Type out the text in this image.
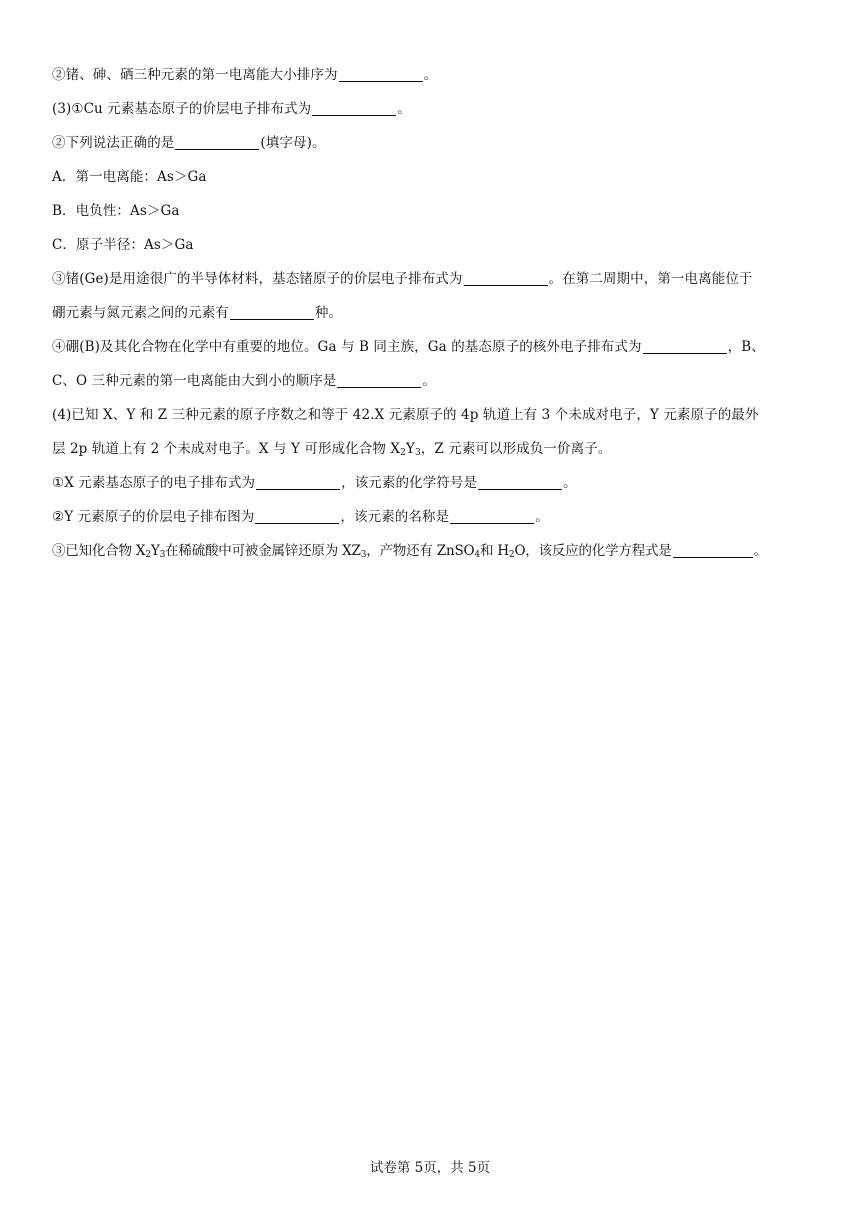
②锗、砷、硒三种元素的第一电离能大小排序为	。
(3)①Cu 元素基态原子的价层电子排布式为	。
②下列说法正确的是	(填字母)。
A．第一电离能：As＞Ga
B．电负性：As＞Ga
C．原子半径：As＞Ga
③锗(Ge)是用途很广的半导体材料，基态锗原子的价层电子排布式为	。在第二周期中，第一电离能位于
硼元素与氮元素之间的元素有	种。
④硼(B)及其化合物在化学中有重要的地位。Ga 与 B 同主族，Ga 的基态原子的核外电子排布式为	，B、
C、O 三种元素的第一电离能由大到小的顺序是	。
(4)已知 X、Y 和 Z 三种元素的原子序数之和等于 42.X 元素原子的 4p 轨道上有 3 个未成对电子，Y 元素原子的最外
层 2p 轨道上有 2 个未成对电子。X 与 Y 可形成化合物 $X_2Y_3$，Z 元素可以形成负一价离子。
①X 元素基态原子的电子排布式为	，该元素的化学符号是	。
②Y 元素原子的价层电子排布图为	，该元素的名称是	。
③已知化合物 $X_2Y_3$在稀硫酸中可被金属锌还原为 $XZ_3$，产物还有 ZnSO$_4$和 $H_2O$，该反应的化学方程式是	。
试卷第 5页，共 5页
